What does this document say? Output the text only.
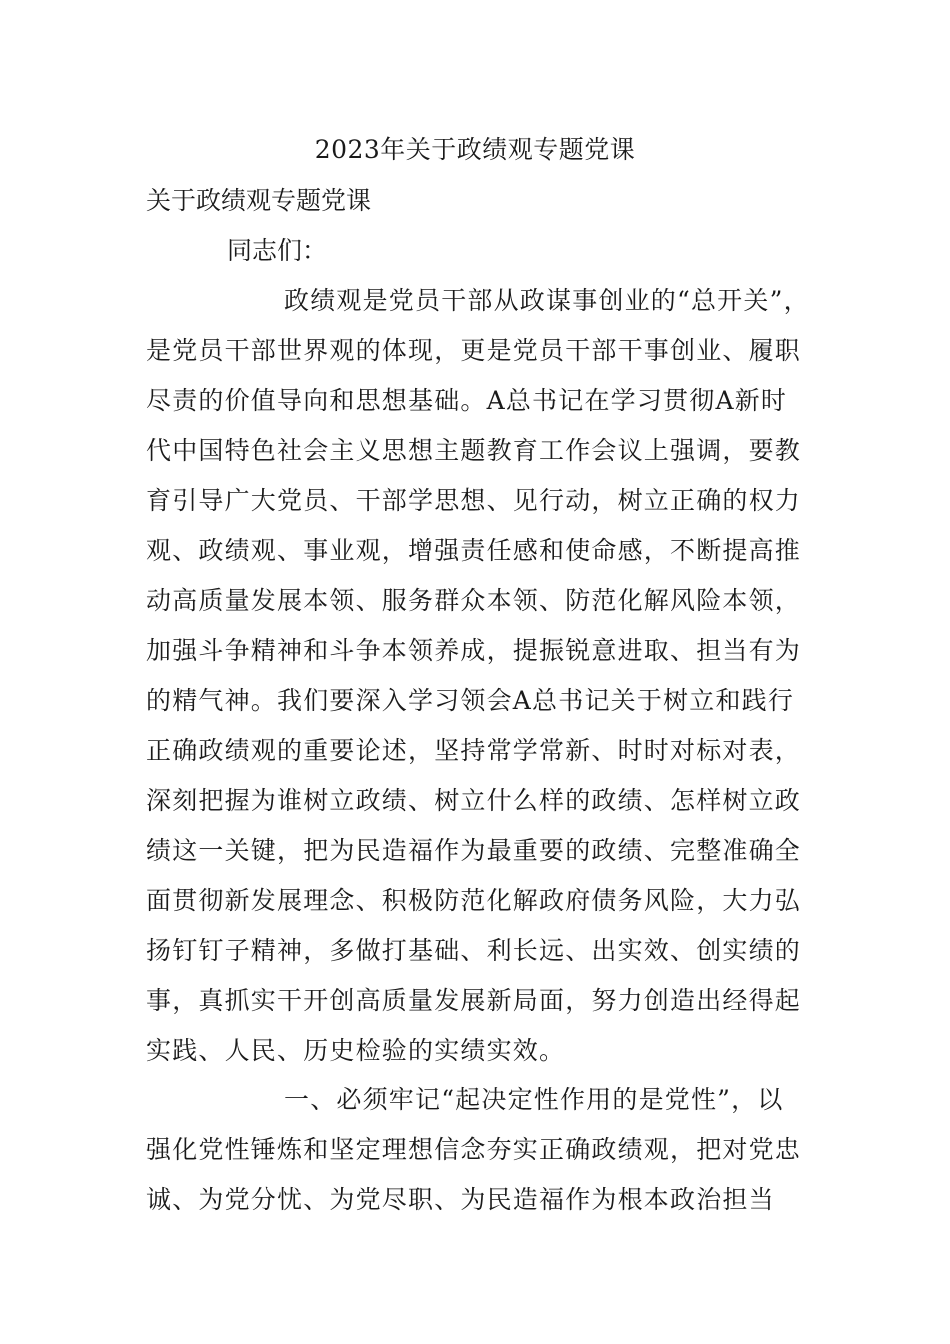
2023年关于政绩观专题党课
关于政绩观专题党课
同志们：
政绩观是党员干部从政谋事创业的“总开关”，
是党员干部世界观的体现，更是党员干部干事创业、履职
尽责的价值导向和思想基础。A总书记在学习贯彻A新时
代中国特色社会主义思想主题教育工作会议上强调，要教
育引导广大党员、干部学思想、见行动，树立正确的权力
观、政绩观、事业观，增强责任感和使命感，不断提高推
动高质量发展本领、服务群众本领、防范化解风险本领，
加强斗争精神和斗争本领养成，提振锐意进取、担当有为
的精气神。我们要深入学习领会A总书记关于树立和践行
正确政绩观的重要论述，坚持常学常新、时时对标对表，
深刻把握为谁树立政绩、树立什么样的政绩、怎样树立政
绩这一关键，把为民造福作为最重要的政绩、完整准确全
面贯彻新发展理念、积极防范化解政府债务风险，大力弘
扬钉钉子精神，多做打基础、利长远、出实效、创实绩的
事，真抓实干开创高质量发展新局面，努力创造出经得起
实践、人民、历史检验的实绩实效。
一、必须牢记“起决定性作用的是党性”，以
强化党性锤炼和坚定理想信念夯实正确政绩观，把对党忠
诚、为党分忧、为党尽职、为民造福作为根本政治担当
